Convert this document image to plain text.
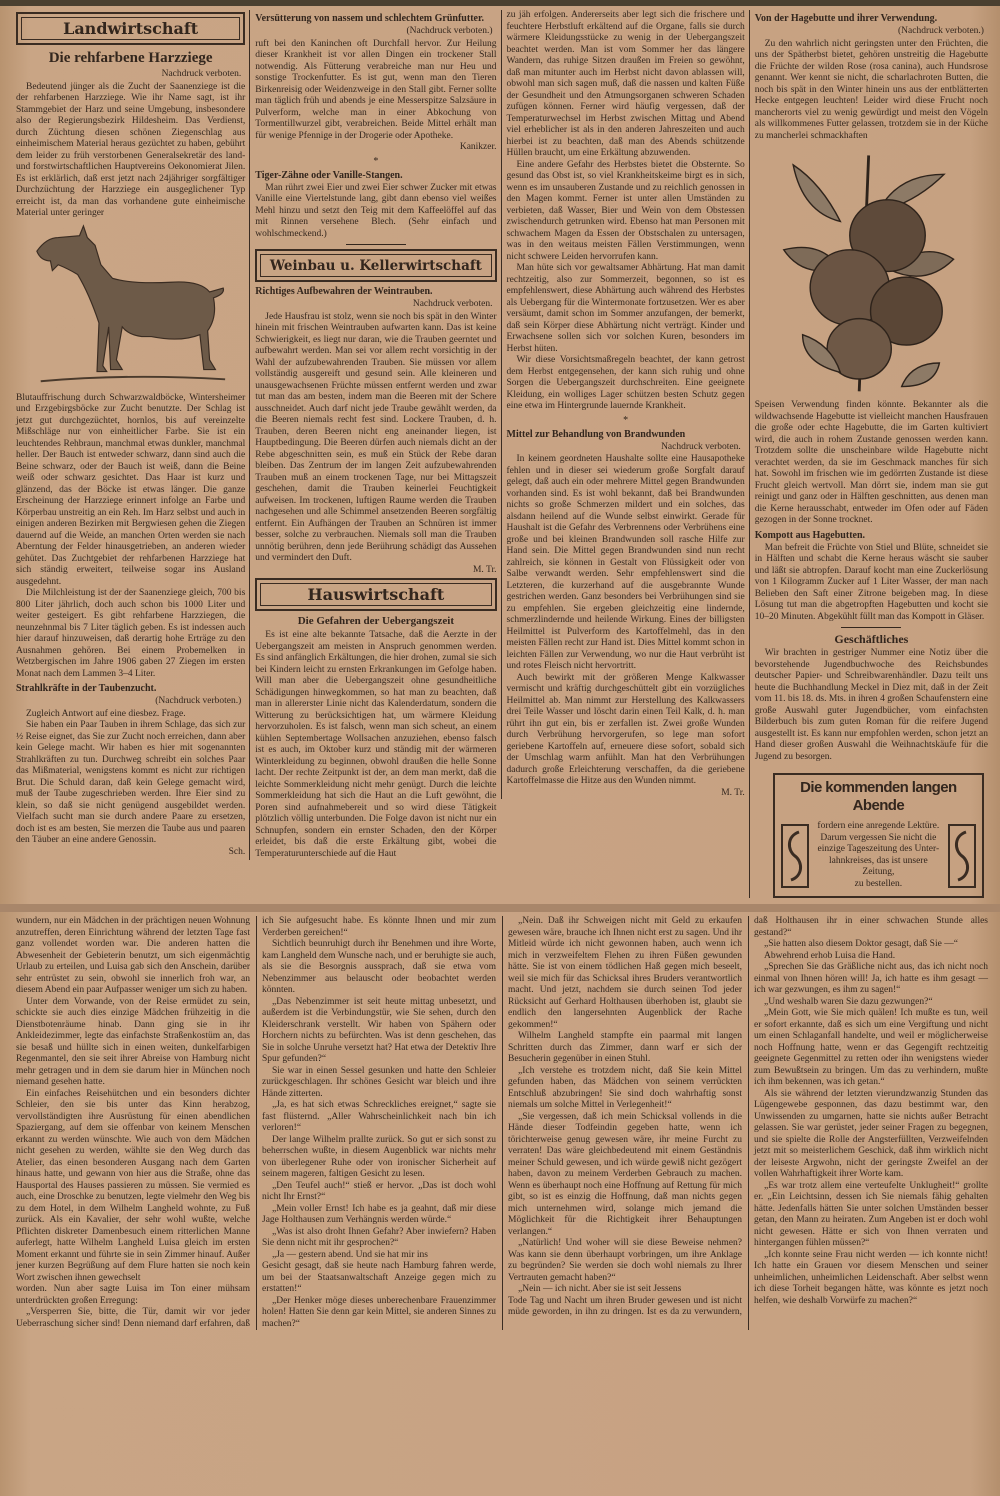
Landwirtschaft
Die rehfarbene Harzziege
Nachdruck verboten.

Bedeutend jünger als die Zucht der Saanenziege ist die der rehfarbenen Harzziege. Wie ihr Name sagt, ist ihr Stammgebiet der Harz und seine Umgebung, insbesondere also der Regierungsbezirk Hildesheim. Das Verdienst, durch Züchtung diesen schönen Ziegenschlag aus einheimischem Material heraus gezüchtet zu haben, gebührt dem leider zu früh verstorbenen Generalsekretär des land- und forstwirtschaftlichen Hauptvereins Oekonomierat Jilen. Es ist erklärlich, daß erst jetzt nach 24jähriger sorgfältiger Durchzüchtung der Harzziege ein ausgeglichener Typ erreicht ist, da man das vorhandene gute einheimische Material unter geringer

Blutauffrischung durch Schwarzwaldböcke, Wintersheimer und Erzgebirgsböcke zur Zucht benutzte. Der Schlag ist jetzt gut durchgezüchtet, hornlos, bis auf vereinzelte Mißschläge nur von einheitlicher Farbe. Sie ist ein leuchtendes Rehbraun, manchmal etwas dunkler, manchmal heller. Der Bauch ist entweder schwarz, dann sind auch die Beine schwarz, oder der Bauch ist weiß, dann die Beine weiß oder schwarz gesichtet. Das Haar ist kurz und glänzend, das der Böcke ist etwas länger. Die ganze Erscheinung der Harzziege erinnert infolge an Farbe und Körperbau unstreitig an ein Reh. Im Harz selbst und auch in einigen anderen Bezirken mit Bergwiesen gehen die Ziegen dauernd auf die Weide, an manchen Orten werden sie nach Aberntung der Felder hinausgetrieben, an anderen wieder gehütet. Das Zuchtgebiet der rehfarbenen Harzziege hat sich ständig erweitert, teilweise sogar ins Ausland ausgedehnt.

Die Milchleistung ist der der Saanenziege gleich, 700 bis 800 Liter jährlich, doch auch schon bis 1000 Liter und weiter gesteigert. Es gibt rehfarbene Harzziegen, die neunzehnmal bis 7 Liter täglich geben. Es ist indessen auch hier darauf hinzuweisen, daß derartig hohe Erträge zu den Ausnahmen gehören. Bei einem Probemelken in Wetzbergischen im Jahre 1906 gaben 27 Ziegen im ersten Monat nach dem Lammen 3–4 Liter.

Strahlkräfte in der Taubenzucht.
(Nachdruck verboten.)

Zugleich Antwort auf eine diesbez. Frage.

Sie haben ein Paar Tauben in ihrem Schlage, das sich zur ½ Reise eignet, das Sie zur Zucht noch erreichen, dann aber kein Gelege macht. Wir haben es hier mit sogenannten Strahlkräften zu tun. Durchweg schreibt ein solches Paar das Mißmaterial, wenigstens kommt es nicht zur richtigen Brut. Die Schuld daran, daß kein Gelege gemacht wird, muß der Taube zugeschrieben werden. Ihre Eier sind zu klein, so daß sie nicht genügend ausgebildet werden. Vielfach sucht man sie durch andere Paare zu ersetzen, doch ist es am besten, Sie merzen die Taube aus und paaren den Täuber an eine andere Genossin.

Sch.
Versütterung von nassem und schlechtem Grünfutter.
(Nachdruck verboten.)

ruft bei den Kaninchen oft Durchfall hervor. Zur Heilung dieser Krankheit ist vor allen Dingen ein trockener Stall notwendig. Als Fütterung verabreiche man nur Heu und sonstige Trockenfutter. Es ist gut, wenn man den Tieren Birkenreisig oder Weidenzweige in den Stall gibt. Ferner sollte man täglich früh und abends je eine Messerspitze Salzsäure in Pulverform, welche man in einer Abkochung von Tormentillwurzel gibt, verabreichen. Beide Mittel erhält man für wenige Pfennige in der Drogerie oder Apotheke.

Kanikzer.
*
Tiger-Zähne oder Vanille-Stangen.

Man rührt zwei Eier und zwei Eier schwer Zucker mit etwas Vanille eine Viertelstunde lang, gibt dann ebenso viel weißes Mehl hinzu und setzt den Teig mit dem Kaffeelöffel auf das mit Rinnen versehene Blech. (Sehr einfach und wohlschmeckend.)

Weinbau u. Kellerwirtschaft
Richtiges Aufbewahren der Weintrauben.
Nachdruck verboten.

Jede Hausfrau ist stolz, wenn sie noch bis spät in den Winter hinein mit frischen Weintrauben aufwarten kann. Das ist keine Schwierigkeit, es liegt nur daran, wie die Trauben geerntet und aufbewahrt werden. Man sei vor allem recht vorsichtig in der Wahl der aufzubewahrenden Trauben. Sie müssen vor allem vollständig ausgereift und gesund sein. Alle kleineren und unausgewachsenen Früchte müssen entfernt werden und zwar tut man das am besten, indem man die Beeren mit der Schere ausschneidet. Auch darf nicht jede Traube gewählt werden, da die Beeren niemals recht fest sind. Lockere Trauben, d. h. Trauben, deren Beeren nicht eng aneinander liegen, ist Hauptbedingung. Die Beeren dürfen auch niemals dicht an der Rebe abgeschnitten sein, es muß ein Stück der Rebe daran bleiben. Das Zentrum der im langen Zeit aufzubewahrenden Trauben muß an einem trockenen Tage, nur bei Mittagszeit geschehen, damit die Trauben keinerlei Feuchtigkeit aufweisen. Im trockenen, luftigen Raume werden die Trauben nachgesehen und alle Schimmel ansetzenden Beeren sorgfältig entfernt. Ein Aufhängen der Trauben an Schnüren ist immer besser, solche zu verbrauchen. Niemals soll man die Trauben unnötig berühren, denn jede Berührung schädigt das Aussehen und vermindert den Duft.

M. Tr.
Hauswirtschaft
Die Gefahren der Uebergangszeit

Es ist eine alte bekannte Tatsache, daß die Aerzte in der Uebergangszeit am meisten in Anspruch genommen werden. Es sind anfänglich Erkältungen, die hier drohen, zumal sie sich bei Kindern leicht zu ernsten Erkrankungen im Gefolge haben. Will man aber die Uebergangszeit ohne gesundheitliche Schädigungen hinwegkommen, so hat man zu beachten, daß man in allererster Linie nicht das Kalenderdatum, sondern die Witterung zu berücksichtigen hat, um wärmere Kleidung hervorzuholen. Es ist falsch, wenn man sich scheut, an einem kühlen Septembertage Wollsachen anzuziehen, ebenso falsch ist es auch, im Oktober kurz und ständig mit der wärmeren Winterkleidung zu beginnen, obwohl draußen die helle Sonne lacht. Der rechte Zeitpunkt ist der, an dem man merkt, daß die leichte Sommerkleidung nicht mehr genügt. Durch die leichte Sommerkleidung hat sich die Haut an die Luft gewöhnt, die Poren sind aufnahmebereit und so wird diese Tätigkeit plötzlich völlig unterbunden. Die Folge davon ist nicht nur ein Schnupfen, sondern ein ernster Schaden, den der Körper erleidet, bis daß die erste Erkältung gibt, wobei die Temperaturunterschiede auf die Haut

zu jäh erfolgen. Andererseits aber legt sich die frischere und feuchtere Herbstluft erkältend auf die Organe, falls sie durch wärmere Kleidungsstücke zu wenig in der Uebergangszeit beachtet werden. Man ist vom Sommer her das längere Wandern, das ruhige Sitzen draußen im Freien so gewöhnt, daß man mitunter auch im Herbst nicht davon ablassen will, obwohl man sich sagen muß, daß die nassen und kalten Füße der Gesundheit und den Atmungsorganen schweren Schaden zufügen können. Ferner wird häufig vergessen, daß der Temperaturwechsel im Herbst zwischen Mittag und Abend viel erheblicher ist als in den anderen Jahreszeiten und auch hierbei ist zu beachten, daß man des Abends schützende Hüllen braucht, um eine Erkältung abzuwenden.

Eine andere Gefahr des Herbstes bietet die Obsternte. So gesund das Obst ist, so viel Krankheitskeime birgt es in sich, wenn es im unsauberen Zustande und zu reichlich genossen in den Magen kommt. Ferner ist unter allen Umständen zu verbieten, daß Wasser, Bier und Wein von dem Obstessen zwischendurch getrunken wird. Ebenso hat man Personen mit schwachem Magen da Essen der Obstschalen zu untersagen, was in den weitaus meisten Fällen Verstimmungen, wenn nicht schwere Leiden hervorrufen kann.

Man hüte sich vor gewaltsamer Abhärtung. Hat man damit rechtzeitig, also zur Sommerzeit, begonnen, so ist es empfehlenswert, diese Abhärtung auch während des Herbstes als Uebergang für die Wintermonate fortzusetzen. Wer es aber versäumt, damit schon im Sommer anzufangen, der bemerkt, daß sein Körper diese Abhärtung nicht verträgt. Kinder und Erwachsene sollen sich vor solchen Kuren, besonders im Herbst hüten.

Wir diese Vorsichtsmaßregeln beachtet, der kann getrost dem Herbst entgegensehen, der kann sich ruhig und ohne Sorgen die Uebergangszeit durchschreiten. Eine geeignete Kleidung, ein wolliges Lager schützen besten Schutz gegen eine etwa im Hintergrunde lauernde Krankheit.

*
Mittel zur Behandlung von Brandwunden
Nachdruck verboten.

In keinem geordneten Haushalte sollte eine Hausapotheke fehlen und in dieser sei wiederum große Sorgfalt darauf gelegt, daß auch ein oder mehrere Mittel gegen Brandwunden vorhanden sind. Es ist wohl bekannt, daß bei Brandwunden nichts so große Schmerzen mildert und ein solches, das alsdann heilend auf die Wunde selbst einwirkt. Gerade für Haushalt ist die Gefahr des Verbrennens oder Verbrühens eine große und bei kleinen Brandwunden soll rasche Hilfe zur Hand sein. Die Mittel gegen Brandwunden sind nun recht zahlreich, sie können in Gestalt von Flüssigkeit oder von Salbe verwandt werden. Sehr empfehlenswert sind die Letzteren, die kurzerhand auf die ausgebrannte Wunde gestrichen werden. Ganz besonders bei Verbrühungen sind sie zu empfehlen. Sie ergeben gleichzeitig eine lindernde, schmerzlindernde und heilende Wirkung. Eines der billigsten Heilmittel ist Pulverform des Kartoffelmehl, das in den meisten Fällen recht zur Hand ist. Dies Mittel kommt schon in leichten Fällen zur Verwendung, wo nur die Haut verbrüht ist und rotes Fleisch nicht hervortritt.

Auch bewirkt mit der größeren Menge Kalkwasser vermischt und kräftig durchgeschüttelt gibt ein vorzügliches Heilmittel ab. Man nimmt zur Herstellung des Kalkwassers drei Teile Wasser und löscht darin einen Teil Kalk, d. h. man rührt ihn gut ein, bis er zerfallen ist. Zwei große Wunden durch Verbrühung hervorgerufen, so lege man sofort geriebene Kartoffeln auf, erneuere diese sofort, sobald sich der Umschlag warm anfühlt. Man hat den Verbrühungen dadurch große Erleichterung verschaffen, da die geriebene Kartoffelmasse die Hitze aus den Wunden nimmt.

M. Tr.
Von der Hagebutte und ihrer Verwendung.
(Nachdruck verboten.)

Zu den wahrlich nicht geringsten unter den Früchten, die uns der Spätherbst bietet, gehören unstreitig die Hagebutte die Früchte der wilden Rose (rosa canina), auch Hundsrose genannt. Wer kennt sie nicht, die scharlachroten Butten, die noch bis spät in den Winter hinein uns aus der entblätterten Hecke entgegen leuchten! Leider wird diese Frucht noch mancherorts viel zu wenig gewürdigt und meist den Vögeln als willkommenes Futter gelassen, trotzdem sie in der Küche zu mancherlei schmackhaften

Speisen Verwendung finden könnte. Bekannter als die wildwachsende Hagebutte ist vielleicht manchen Hausfrauen die große oder echte Hagebutte, die im Garten kultiviert wird, die auch in rohem Zustande genossen werden kann. Trotzdem sollte die unscheinbare wilde Hagebutte nicht verachtet werden, da sie im Geschmack manches für sich hat. Sowohl im frischen wie im gedörrten Zustande ist diese Frucht gleich wertvoll. Man dörrt sie, indem man sie gut reinigt und ganz oder in Hälften geschnitten, aus denen man die Kerne herausschabt, entweder im Ofen oder auf Fäden gezogen in der Sonne trocknet.

Kompott aus Hagebutten.

Man befreit die Früchte von Stiel und Blüte, schneidet sie in Hälften und schabt die Kerne heraus wäscht sie sauber und läßt sie abtropfen. Darauf kocht man eine Zuckerlösung von 1 Kilogramm Zucker auf 1 Liter Wasser, der man nach Belieben den Saft einer Zitrone beigeben mag. In diese Lösung tut man die abgetropften Hagebutten und kocht sie 10–20 Minuten. Abgekühlt füllt man das Kompott in Gläser.

Geschäftliches

Wir brachten in gestriger Nummer eine Notiz über die bevorstehende Jugendbuchwoche des Reichsbundes deutscher Papier- und Schreibwarenhändler. Dazu teilt uns heute die Buchhandlung Meckel in Diez mit, daß in der Zeit vom 11. bis 18. ds. Mts. in ihren 4 großen Schaufenstern eine große Auswahl guter Jugendbücher, vom einfachsten Bilderbuch bis zum guten Roman für die reifere Jugend ausgestellt ist. Es kann nur empfohlen werden, schon jetzt an Hand dieser großen Auswahl die Weihnachtskäufe für die Jugend zu besorgen.

Die kommenden langen Abende
fordern eine anregende Lektüre.
Darum vergessen Sie nicht die
einzige Tageszeitung des Unter-
lahnkreises, das ist unsere Zeitung,
zu bestellen.

wundern, nur ein Mädchen in der prächtigen neuen Wohnung anzutreffen, deren Einrichtung während der letzten Tage fast ganz vollendet worden war. Die anderen hatten die Abwesenheit der Gebieterin benutzt, um sich eigenmächtig Urlaub zu erteilen, und Luisa gab sich den Anschein, darüber sehr entrüstet zu sein, obwohl sie innerlich froh war, an diesem Abend ein paar Aufpasser weniger um sich zu haben.

Unter dem Vorwande, von der Reise ermüdet zu sein, schickte sie auch dies einzige Mädchen frühzeitig in die Dienstbotenräume hinab. Dann ging sie in ihr Ankleidezimmer, legte das einfachste Straßenkostüm an, das sie besaß und hüllte sich in einen weiten, dunkelfarbigen Regenmantel, den sie seit ihrer Abreise von Hamburg nicht mehr getragen und in dem sie darum hier in München noch niemand gesehen hatte.

Ein einfaches Reisehütchen und ein besonders dichter Schleier, den sie bis unter das Kinn herabzog, vervollständigten ihre Ausrüstung für einen abendlichen Spaziergang, auf dem sie offenbar von keinem Menschen erkannt zu werden wünschte. Wie auch von dem Mädchen nicht gesehen zu werden, wählte sie den Weg durch das Atelier, das einen besonderen Ausgang nach dem Garten hinaus hatte, und gewann von hier aus die Straße, ohne das Hausportal des Hauses passieren zu müssen. Sie vermied es auch, eine Droschke zu benutzen, legte vielmehr den Weg bis zu dem Hotel, in dem Wilhelm Langheld wohnte, zu Fuß zurück. Als ein Kavalier, der sehr wohl wußte, welche Pflichten diskreter Damenbesuch einem ritterlichen Manne auferlegt, hatte Wilhelm Langheld Luisa gleich im ersten Moment erkannt und führte sie in sein Zimmer hinauf. Außer jener kurzen Begrüßung auf dem Flure hatten sie noch kein Wort zwischen ihnen gewechselt

worden. Nun aber sagte Luisa im Ton einer mühsam unterdrückten großen Erregung:

„Versperren Sie, bitte, die Tür, damit wir vor jeder Ueberraschung sicher sind! Denn niemand darf erfahren, daß ich Sie aufgesucht habe. Es könnte Ihnen und mir zum Verderben gereichen!“

Sichtlich beunruhigt durch ihr Benehmen und ihre Worte, kam Langheld dem Wunsche nach, und er beruhigte sie auch, als sie die Besorgnis aussprach, daß sie etwa vom Nebenzimmer aus belauscht oder beobachtet werden könnten.

„Das Nebenzimmer ist seit heute mittag unbesetzt, und außerdem ist die Verbindungstür, wie Sie sehen, durch den Kleiderschrank verstellt. Wir haben von Spähern oder Horchern nichts zu befürchten. Was ist denn geschehen, das Sie in solche Unruhe versetzt hat? Hat etwa der Detektiv Ihre Spur gefunden?“

Sie war in einen Sessel gesunken und hatte den Schleier zurückgeschlagen. Ihr schönes Gesicht war bleich und ihre Hände zitterten.

„Ja, es hat sich etwas Schreckliches ereignet,“ sagte sie fast flüsternd. „Aller Wahrscheinlichkeit nach bin ich verloren!“

Der lange Wilhelm prallte zurück. So gut er sich sonst zu beherrschen wußte, in diesem Augenblick war nichts mehr von überlegener Ruhe oder von ironischer Sicherheit auf seinem mageren, faltigen Gesicht zu lesen.

„Den Teufel auch!“ stieß er hervor. „Das ist doch wohl nicht Ihr Ernst?“

„Mein voller Ernst! Ich habe es ja geahnt, daß mir diese Jage Holthausen zum Verhängnis werden würde.“

„Was ist also droht Ihnen Gefahr? Aber inwiefern? Haben Sie denn nicht mit ihr gesprochen?“

„Ja — gestern abend. Und sie hat mir ins

Gesicht gesagt, daß sie heute nach Hamburg fahren werde, um bei der Staatsanwaltschaft Anzeige gegen mich zu erstatten!“

„Der Henker möge dieses unberechenbare Frauenzimmer holen! Hatten Sie denn gar kein Mittel, sie anderen Sinnes zu machen?“

„Nein. Daß ihr Schweigen nicht mit Geld zu erkaufen gewesen wäre, brauche ich Ihnen nicht erst zu sagen. Und ihr Mitleid würde ich nicht gewonnen haben, auch wenn ich mich in verzweifeltem Flehen zu ihren Füßen gewunden hätte. Sie ist von einem tödlichen Haß gegen mich beseelt, weil sie mich für das Schicksal ihres Bruders verantwortlich macht. Und jetzt, nachdem sie durch seinen Tod jeder Rücksicht auf Gerhard Holthausen überhoben ist, glaubt sie endlich den langersehnten Augenblick der Rache gekommen!“

Wilhelm Langheld stampfte ein paarmal mit langen Schritten durch das Zimmer, dann warf er sich der Besucherin gegenüber in einen Stuhl.

„Ich verstehe es trotzdem nicht, daß Sie kein Mittel gefunden haben, das Mädchen von seinem verrückten Entschluß abzubringen! Sie sind doch wahrhaftig sonst niemals um solche Mittel in Verlegenheit!“

„Sie vergessen, daß ich mein Schicksal vollends in die Hände dieser Todfeindin gegeben hatte, wenn ich törichterweise genug gewesen wäre, ihr meine Furcht zu verraten! Das wäre gleichbedeutend mit einem Geständnis meiner Schuld gewesen, und ich würde gewiß nicht gezögert haben, davon zu meinem Verderben Gebrauch zu machen. Wenn es überhaupt noch eine Hoffnung auf Rettung für mich gibt, so ist es einzig die Hoffnung, daß man nichts gegen mich unternehmen wird, solange mich jemand die Möglichkeit für die Richtigkeit ihrer Behauptungen verlangen.“

„Natürlich! Und woher will sie diese Beweise nehmen? Was kann sie denn überhaupt vorbringen, um ihre Anklage zu begründen? Sie werden sie doch wohl niemals zu Ihrer Vertrauten gemacht haben?“

„Nein — ich nicht. Aber sie ist seit Jessens

Tode Tag und Nacht um ihren Bruder gewesen und ist nicht müde geworden, in ihn zu dringen. Ist es da zu verwundern, daß Holthausen ihr in einer schwachen Stunde alles gestand?“

„Sie hatten also diesem Doktor gesagt, daß Sie —“

Abwehrend erhob Luisa die Hand.

„Sprechen Sie das Gräßliche nicht aus, das ich nicht noch einmal von Ihnen hören will! Ja, ich hatte es ihm gesagt — ich war gezwungen, es ihm zu sagen!“

„Und weshalb waren Sie dazu gezwungen?“

„Mein Gott, wie Sie mich quälen! Ich mußte es tun, weil er sofort erkannte, daß es sich um eine Vergiftung und nicht um einen Schlaganfall handelte, und weil er möglicherweise noch Hoffnung hatte, wenn er das Gegengift rechtzeitig geeignete Gegenmittel zu retten oder ihn wenigstens wieder zum Bewußtsein zu bringen. Um das zu verhindern, mußte ich ihm bekennen, was ich getan.“

Als sie während der letzten vierundzwanzig Stunden das Lügengewebe gesponnen, das dazu bestimmt war, den Unwissenden zu umgarnen, hatte sie nichts außer Betracht gelassen. Sie war gerüstet, jeder seiner Fragen zu begegnen, und sie spielte die Rolle der Angsterfüllten, Verzweifelnden jetzt mit so meisterlichem Geschick, daß ihm wirklich nicht der leiseste Argwohn, nicht der geringste Zweifel an der vollen Wahrhaftigkeit ihrer Worte kam.

„Es war trotz allem eine verteufelte Unklugheit!“ grollte er. „Ein Leichtsinn, dessen ich Sie niemals fähig gehalten hätte. Jedenfalls hätten Sie unter solchen Umständen besser getan, den Mann zu heiraten. Zum Angeben ist er doch wohl nicht gewesen. Hätte er sich von Ihnen verraten und hintergangen fühlen müssen?“

„Ich konnte seine Frau nicht werden — ich konnte nicht! Ich hatte ein Grauen vor diesem Menschen und seiner unheimlichen, unheimlichen Leidenschaft. Aber selbst wenn ich diese Torheit begangen hätte, was könnte es jetzt noch helfen, wie deshalb Vorwürfe zu machen?“
